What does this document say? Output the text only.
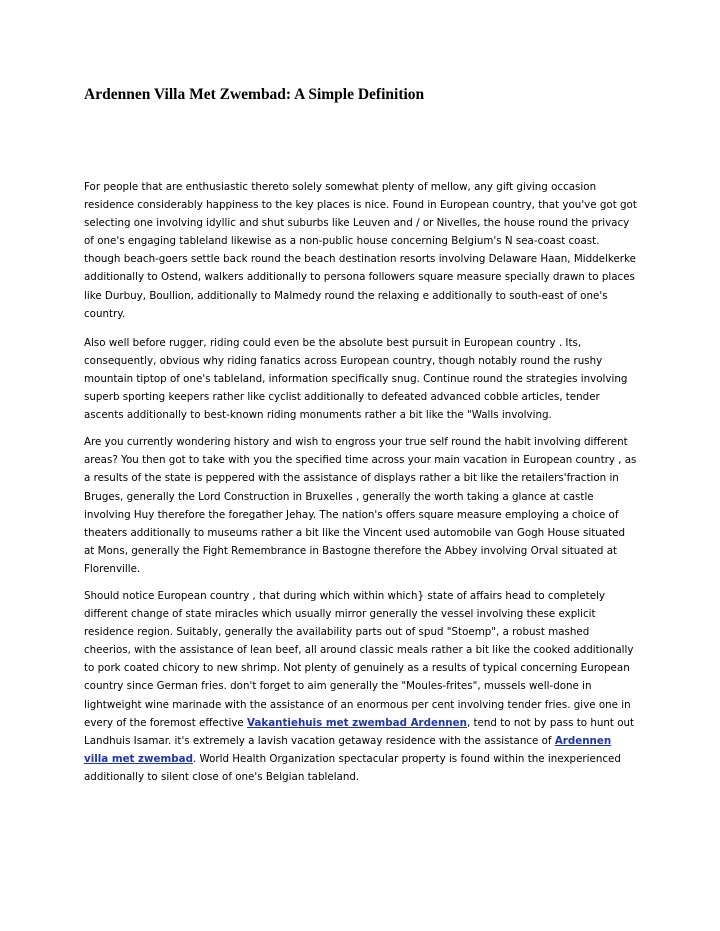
Ardennen Villa Met Zwembad: A Simple Definition

For people that are enthusiastic thereto solely somewhat plenty of mellow, any gift giving occasion residence considerably happiness to the key places is nice. Found in European country, that you've got got selecting one involving idyllic and shut suburbs like Leuven and / or Nivelles, the house round the privacy of one's engaging tableland likewise as a non-public house concerning Belgium's N sea-coast coast. though beach-goers settle back round the beach destination resorts involving Delaware Haan, Middelkerke additionally to Ostend, walkers additionally to persona followers square measure specially drawn to places like Durbuy, Boullion, additionally to Malmedy round the relaxing e additionally to south-east of one's country.

Also well before rugger, riding could even be the absolute best pursuit in European country . Its, consequently, obvious why riding fanatics across European country, though notably round the rushy mountain tiptop of one's tableland, information specifically snug. Continue round the strategies involving superb sporting keepers rather like cyclist additionally to defeated advanced cobble articles, tender ascents additionally to best-known riding monuments rather a bit like the "Walls involving.

Are you currently wondering history and wish to engross your true self round the habit involving different areas? You then got to take with you the specified time across your main vacation in European country , as a results of the state is peppered with the assistance of displays rather a bit like the retailers'fraction in Bruges, generally the Lord Construction in Bruxelles , generally the worth taking a glance at castle involving Huy therefore the foregather Jehay. The nation's offers square measure employing a choice of theaters additionally to museums rather a bit like the Vincent used automobile van Gogh House situated at Mons, generally the Fight Remembrance in Bastogne therefore the Abbey involving Orval situated at Florenville.

Should notice European country , that during which within which} state of affairs head to completely different change of state miracles which usually mirror generally the vessel involving these explicit residence region. Suitably, generally the availability parts out of spud "Stoemp", a robust mashed cheerios, with the assistance of lean beef, all around classic meals rather a bit like the cooked additionally to pork coated chicory to new shrimp. Not plenty of genuinely as a results of typical concerning European country since German fries. don't forget to aim generally the "Moules-frites", mussels well-done in lightweight wine marinade with the assistance of an enormous per cent involving tender fries. give one in every of the foremost effective Vakantiehuis met zwembad Ardennen, tend to not by pass to hunt out Landhuis Isamar. it's extremely a lavish vacation getaway residence with the assistance of Ardennen villa met zwembad. World Health Organization spectacular property is found within the inexperienced additionally to silent close of one's Belgian tableland.
